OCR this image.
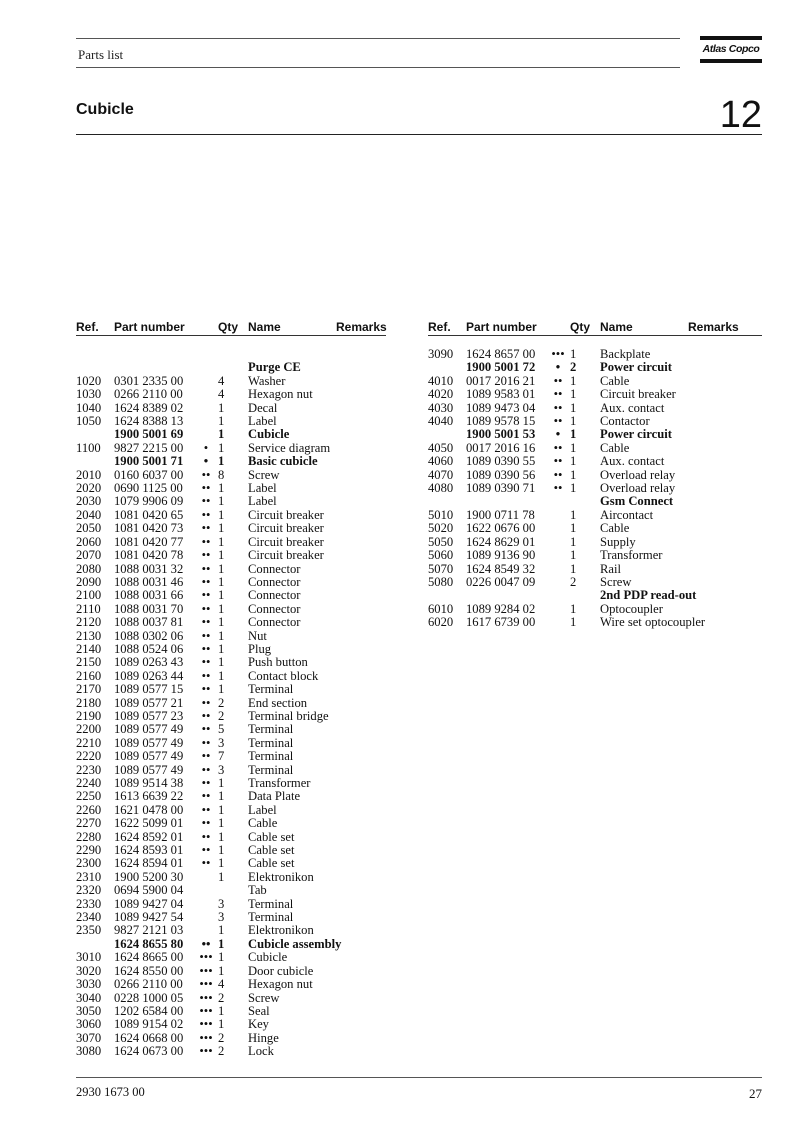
Parts list	Atlas Copco
Cubicle	12
Ref. Part number	Qty Name	Remarks
Purge CE
1020 0301 2335 00	4 Washer
1030 0266 2110 00	4 Hexagon nut
1040 1624 8389 02	1 Decal
1050 1624 8388 13	1 Label
1900 5001 69	1 Cubicle
1100 9827 2215 00	• 1 Service diagram
1900 5001 71	• 1 Basic cubicle
2010 0160 6037 00	•• 8 Screw
2020 0690 1125 00	•• 1 Label
2030 1079 9906 09	•• 1 Label
2040 1081 0420 65	•• 1 Circuit breaker
2050 1081 0420 73	•• 1 Circuit breaker
2060 1081 0420 77	•• 1 Circuit breaker
2070 1081 0420 78	•• 1 Circuit breaker
2080 1088 0031 32	•• 1 Connector
2090 1088 0031 46	•• 1 Connector
2100 1088 0031 66	•• 1 Connector
2110 1088 0031 70	•• 1 Connector
2120 1088 0037 81	•• 1 Connector
2130 1088 0302 06	•• 1 Nut
2140 1088 0524 06	•• 1 Plug
2150 1089 0263 43	•• 1 Push button
2160 1089 0263 44	•• 1 Contact block
2170 1089 0577 15	•• 1 Terminal
2180 1089 0577 21	•• 2 End section
2190 1089 0577 23	•• 2 Terminal bridge
2200 1089 0577 49	•• 5 Terminal
2210 1089 0577 49	•• 3 Terminal
2220 1089 0577 49	•• 7 Terminal
2230 1089 0577 49	•• 3 Terminal
2240 1089 9514 38	•• 1 Transformer
2250 1613 6639 22	•• 1 Data Plate
2260 1621 0478 00	•• 1 Label
2270 1622 5099 01	•• 1 Cable
2280 1624 8592 01	•• 1 Cable set
2290 1624 8593 01	•• 1 Cable set
2300 1624 8594 01	•• 1 Cable set
2310 1900 5200 30	1 Elektronikon
2320 0694 5900 04	Tab
2330 1089 9427 04	3 Terminal
2340 1089 9427 54	3 Terminal
2350 9827 2121 03	1 Elektronikon
1624 8655 80	•• 1 Cubicle assembly
3010 1624 8665 00	••• 1 Cubicle
3020 1624 8550 00	••• 1 Door cubicle
3030 0266 2110 00	••• 4 Hexagon nut
3040 0228 1000 05	••• 2 Screw
3050 1202 6584 00	••• 1 Seal
3060 1089 9154 02	••• 1 Key
3070 1624 0668 00	••• 2 Hinge
3080 1624 0673 00	••• 2 Lock
Ref. Part number	Qty Name	Remarks
3090 1624 8657 00	••• 1 Backplate
1900 5001 72	• 2 Power circuit
4010 0017 2016 21	•• 1 Cable
4020 1089 9583 01	•• 1 Circuit breaker
4030 1089 9473 04	•• 1 Aux. contact
4040 1089 9578 15	•• 1 Contactor
1900 5001 53	• 1 Power circuit
4050 0017 2016 16	•• 1 Cable
4060 1089 0390 55	•• 1 Aux. contact
4070 1089 0390 56	•• 1 Overload relay
4080 1089 0390 71	•• 1 Overload relay
Gsm Connect
5010 1900 0711 78	1 Aircontact
5020 1622 0676 00	1 Cable
5050 1624 8629 01	1 Supply
5060 1089 9136 90	1 Transformer
5070 1624 8549 32	1 Rail
5080 0226 0047 09	2 Screw
2nd PDP read-out
6010 1089 9284 02	1 Optocoupler
6020 1617 6739 00	1 Wire set optocoupler
2930 1673 00	27
